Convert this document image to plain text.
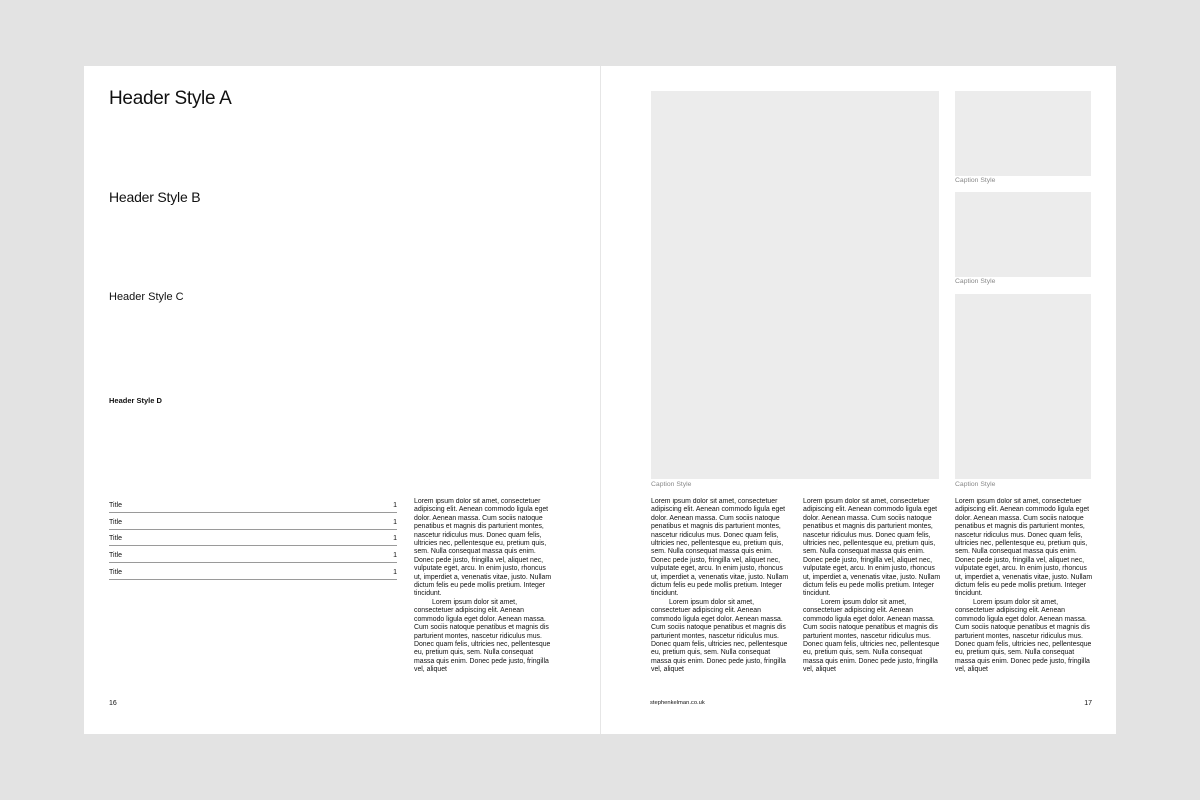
Header Style A
Header Style B
Header Style C
Header Style D
Title	1
Title	1
Title	1
Title	1
Title	1

Lorem ipsum dolor sit amet, consectetuer adipiscing elit. Aenean commodo ligula eget dolor. Aenean massa. Cum sociis natoque penatibus et magnis dis parturient montes, nascetur ridiculus mus. Donec quam felis, ultricies nec, pellentesque eu, pretium quis, sem. Nulla consequat massa quis enim. Donec pede justo, fringilla vel, aliquet nec, vulputate eget, arcu. In enim justo, rhoncus ut, imperdiet a, venenatis vitae, justo. Nullam dictum felis eu pede mollis pretium. Integer tincidunt.

Lorem ipsum dolor sit amet, consectetuer adipiscing elit. Aenean commodo ligula eget dolor. Aenean massa. Cum sociis natoque penatibus et magnis dis parturient montes, nascetur ridiculus mus. Donec quam felis, ultricies nec, pellentesque eu, pretium quis, sem. Nulla consequat massa quis enim. Donec pede justo, fringilla vel, aliquet

16
Caption Style
Caption Style
Caption Style
Caption Style

Lorem ipsum dolor sit amet, consectetuer adipiscing elit. Aenean commodo ligula eget dolor. Aenean massa. Cum sociis natoque penatibus et magnis dis parturient montes, nascetur ridiculus mus. Donec quam felis, ultricies nec, pellentesque eu, pretium quis, sem. Nulla consequat massa quis enim. Donec pede justo, fringilla vel, aliquet nec, vulputate eget, arcu. In enim justo, rhoncus ut, imperdiet a, venenatis vitae, justo. Nullam dictum felis eu pede mollis pretium. Integer tincidunt.

Lorem ipsum dolor sit amet, consectetuer adipiscing elit. Aenean commodo ligula eget dolor. Aenean massa. Cum sociis natoque penatibus et magnis dis parturient montes, nascetur ridiculus mus. Donec quam felis, ultricies nec, pellentesque eu, pretium quis, sem. Nulla consequat massa quis enim. Donec pede justo, fringilla vel, aliquet

Lorem ipsum dolor sit amet, consectetuer adipiscing elit. Aenean commodo ligula eget dolor. Aenean massa. Cum sociis natoque penatibus et magnis dis parturient montes, nascetur ridiculus mus. Donec quam felis, ultricies nec, pellentesque eu, pretium quis, sem. Nulla consequat massa quis enim. Donec pede justo, fringilla vel, aliquet nec, vulputate eget, arcu. In enim justo, rhoncus ut, imperdiet a, venenatis vitae, justo. Nullam dictum felis eu pede mollis pretium. Integer tincidunt.

Lorem ipsum dolor sit amet, consectetuer adipiscing elit. Aenean commodo ligula eget dolor. Aenean massa. Cum sociis natoque penatibus et magnis dis parturient montes, nascetur ridiculus mus. Donec quam felis, ultricies nec, pellentesque eu, pretium quis, sem. Nulla consequat massa quis enim. Donec pede justo, fringilla vel, aliquet

Lorem ipsum dolor sit amet, consectetuer adipiscing elit. Aenean commodo ligula eget dolor. Aenean massa. Cum sociis natoque penatibus et magnis dis parturient montes, nascetur ridiculus mus. Donec quam felis, ultricies nec, pellentesque eu, pretium quis, sem. Nulla consequat massa quis enim. Donec pede justo, fringilla vel, aliquet nec, vulputate eget, arcu. In enim justo, rhoncus ut, imperdiet a, venenatis vitae, justo. Nullam dictum felis eu pede mollis pretium. Integer tincidunt.

Lorem ipsum dolor sit amet, consectetuer adipiscing elit. Aenean commodo ligula eget dolor. Aenean massa. Cum sociis natoque penatibus et magnis dis parturient montes, nascetur ridiculus mus. Donec quam felis, ultricies nec, pellentesque eu, pretium quis, sem. Nulla consequat massa quis enim. Donec pede justo, fringilla vel, aliquet

stephenkelman.co.uk	17
